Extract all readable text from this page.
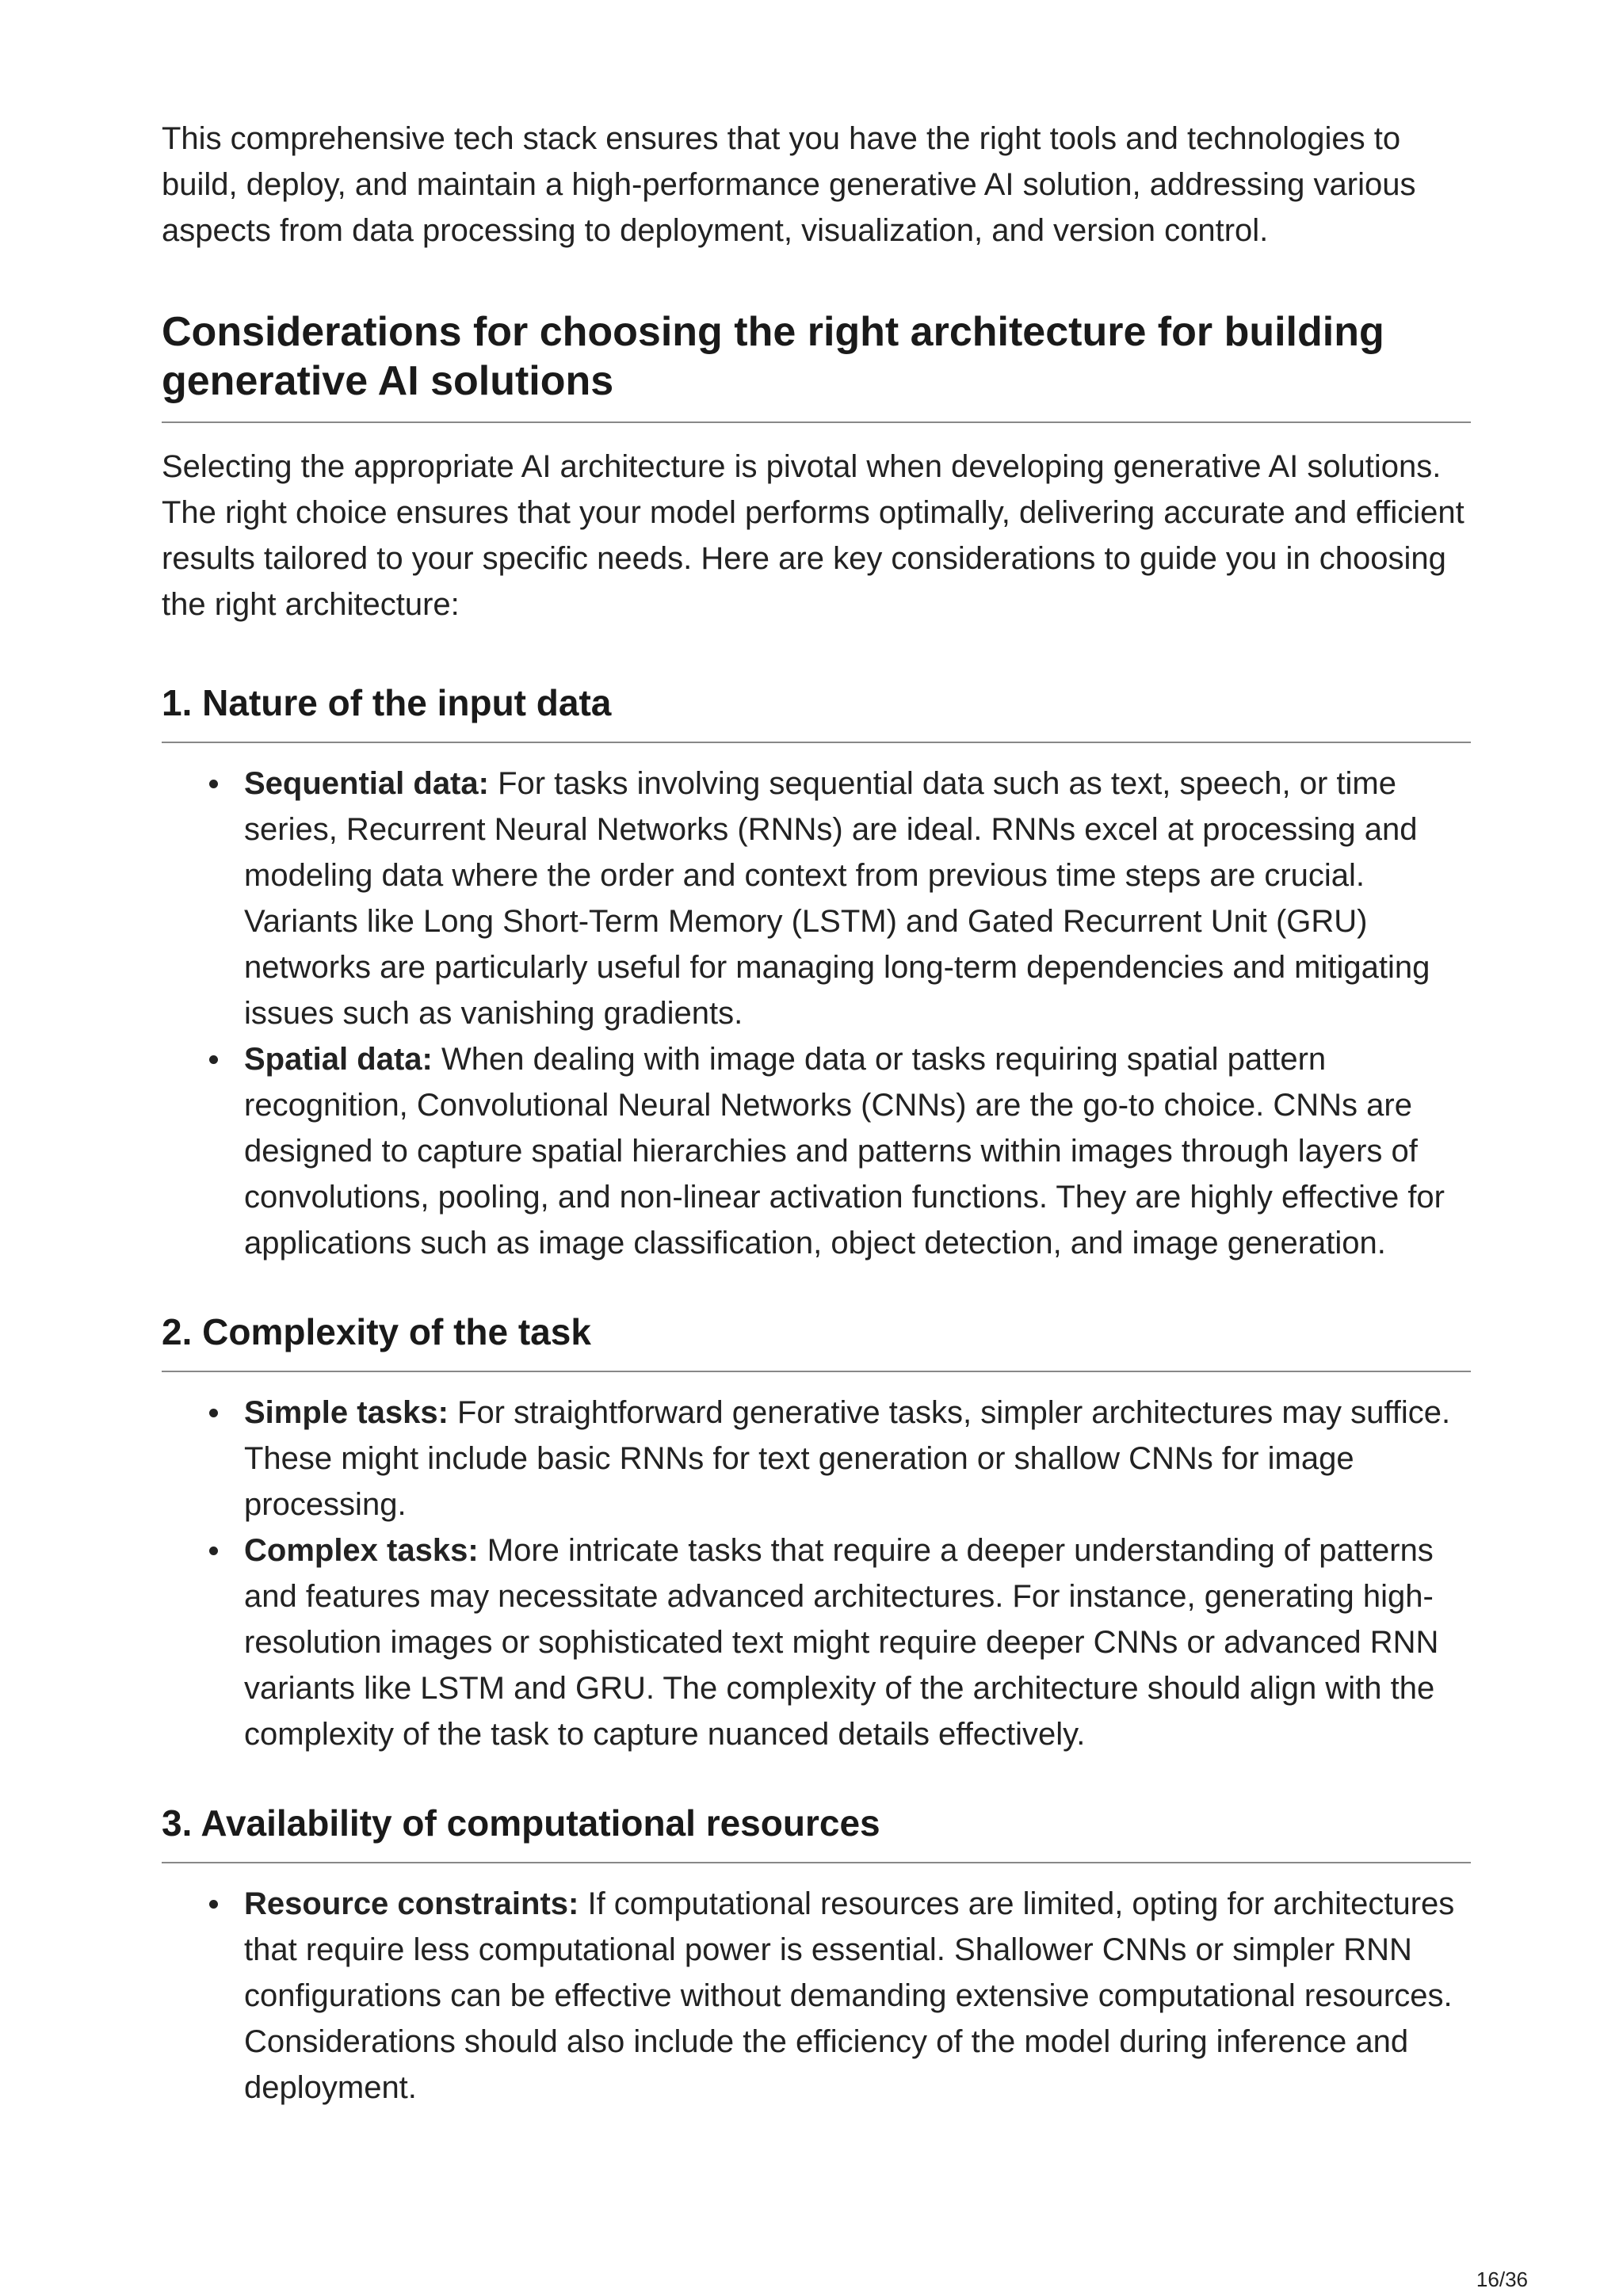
This comprehensive tech stack ensures that you have the right tools and technologies to build, deploy, and maintain a high-performance generative AI solution, addressing various aspects from data processing to deployment, visualization, and version control.

Considerations for choosing the right architecture for building generative AI solutions

Selecting the appropriate AI architecture is pivotal when developing generative AI solutions. The right choice ensures that your model performs optimally, delivering accurate and efficient results tailored to your specific needs. Here are key considerations to guide you in choosing the right architecture:

1. Nature of the input data
Sequential data: For tasks involving sequential data such as text, speech, or time series, Recurrent Neural Networks (RNNs) are ideal. RNNs excel at processing and modeling data where the order and context from previous time steps are crucial. Variants like Long Short-Term Memory (LSTM) and Gated Recurrent Unit (GRU) networks are particularly useful for managing long-term dependencies and mitigating issues such as vanishing gradients.
Spatial data: When dealing with image data or tasks requiring spatial pattern recognition, Convolutional Neural Networks (CNNs) are the go-to choice. CNNs are designed to capture spatial hierarchies and patterns within images through layers of convolutions, pooling, and non-linear activation functions. They are highly effective for applications such as image classification, object detection, and image generation.
2. Complexity of the task
Simple tasks: For straightforward generative tasks, simpler architectures may suffice. These might include basic RNNs for text generation or shallow CNNs for image processing.
Complex tasks: More intricate tasks that require a deeper understanding of patterns and features may necessitate advanced architectures. For instance, generating high-resolution images or sophisticated text might require deeper CNNs or advanced RNN variants like LSTM and GRU. The complexity of the architecture should align with the complexity of the task to capture nuanced details effectively.
3. Availability of computational resources
Resource constraints: If computational resources are limited, opting for architectures that require less computational power is essential. Shallower CNNs or simpler RNN configurations can be effective without demanding extensive computational resources. Considerations should also include the efficiency of the model during inference and deployment.
16/36
